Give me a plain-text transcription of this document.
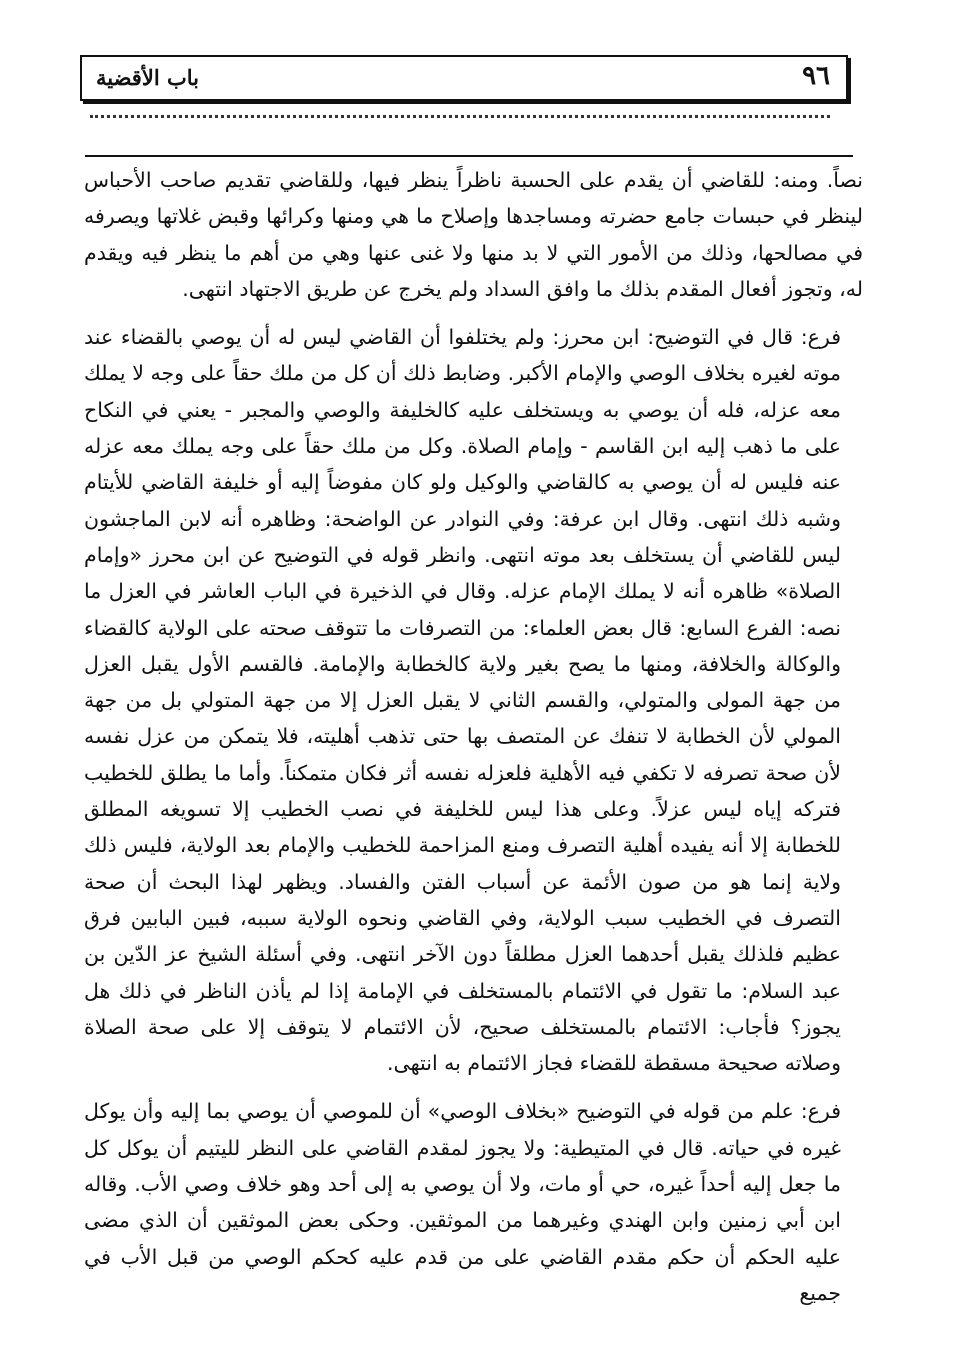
٩٦
باب الأقضية

نصاً. ومنه: للقاضي أن يقدم على الحسبة ناظراً ينظر فيها، وللقاضي تقديم صاحب الأحباس لينظر في حبسات جامع حضرته ومساجدها وإصلاح ما هي ومنها وكرائها وقبض غلاتها ويصرفه في مصالحها، وذلك من الأمور التي لا بد منها ولا غنى عنها وهي من أهم ما ينظر فيه ويقدم له، وتجوز أفعال المقدم بذلك ما وافق السداد ولم يخرج عن طريق الاجتهاد انتهى.

فرع: قال في التوضيح: ابن محرز: ولم يختلفوا أن القاضي ليس له أن يوصي بالقضاء عند موته لغيره بخلاف الوصي والإمام الأكبر. وضابط ذلك أن كل من ملك حقاً على وجه لا يملك معه عزله، فله أن يوصي به ويستخلف عليه كالخليفة والوصي والمجبر - يعني في النكاح على ما ذهب إليه ابن القاسم - وإمام الصلاة. وكل من ملك حقاً على وجه يملك معه عزله عنه فليس له أن يوصي به كالقاضي والوكيل ولو كان مفوضاً إليه أو خليفة القاضي للأيتام وشبه ذلك انتهى. وقال ابن عرفة: وفي النوادر عن الواضحة: وظاهره أنه لابن الماجشون ليس للقاضي أن يستخلف بعد موته انتهى. وانظر قوله في التوضيح عن ابن محرز «وإمام الصلاة» ظاهره أنه لا يملك الإمام عزله. وقال في الذخيرة في الباب العاشر في العزل ما نصه: الفرع السابع: قال بعض العلماء: من التصرفات ما تتوقف صحته على الولاية كالقضاء والوكالة والخلافة، ومنها ما يصح بغير ولاية كالخطابة والإمامة. فالقسم الأول يقبل العزل من جهة المولى والمتولي، والقسم الثاني لا يقبل العزل إلا من جهة المتولي بل من جهة المولي لأن الخطابة لا تنفك عن المتصف بها حتى تذهب أهليته، فلا يتمكن من عزل نفسه لأن صحة تصرفه لا تكفي فيه الأهلية فلعزله نفسه أثر فكان متمكناً. وأما ما يطلق للخطيب فتركه إياه ليس عزلاً. وعلى هذا ليس للخليفة في نصب الخطيب إلا تسويغه المطلق للخطابة إلا أنه يفيده أهلية التصرف ومنع المزاحمة للخطيب والإمام بعد الولاية، فليس ذلك ولاية إنما هو من صون الأئمة عن أسباب الفتن والفساد. ويظهر لهذا البحث أن صحة التصرف في الخطيب سبب الولاية، وفي القاضي ونحوه الولاية سببه، فبين البابين فرق عظيم فلذلك يقبل أحدهما العزل مطلقاً دون الآخر انتهى. وفي أسئلة الشيخ عز الدّين بن عبد السلام: ما تقول في الائتمام بالمستخلف في الإمامة إذا لم يأذن الناظر في ذلك هل يجوز؟ فأجاب: الائتمام بالمستخلف صحيح، لأن الائتمام لا يتوقف إلا على صحة الصلاة وصلاته صحيحة مسقطة للقضاء فجاز الائتمام به انتهى.

فرع: علم من قوله في التوضيح «بخلاف الوصي» أن للموصي أن يوصي بما إليه وأن يوكل غيره في حياته. قال في المتيطية: ولا يجوز لمقدم القاضي على النظر لليتيم أن يوكل كل ما جعل إليه أحداً غيره، حي أو مات، ولا أن يوصي به إلى أحد وهو خلاف وصي الأب. وقاله ابن أبي زمنين وابن الهندي وغيرهما من الموثقين. وحكى بعض الموثقين أن الذي مضى عليه الحكم أن حكم مقدم القاضي على من قدم عليه كحكم الوصي من قبل الأب في جميع
